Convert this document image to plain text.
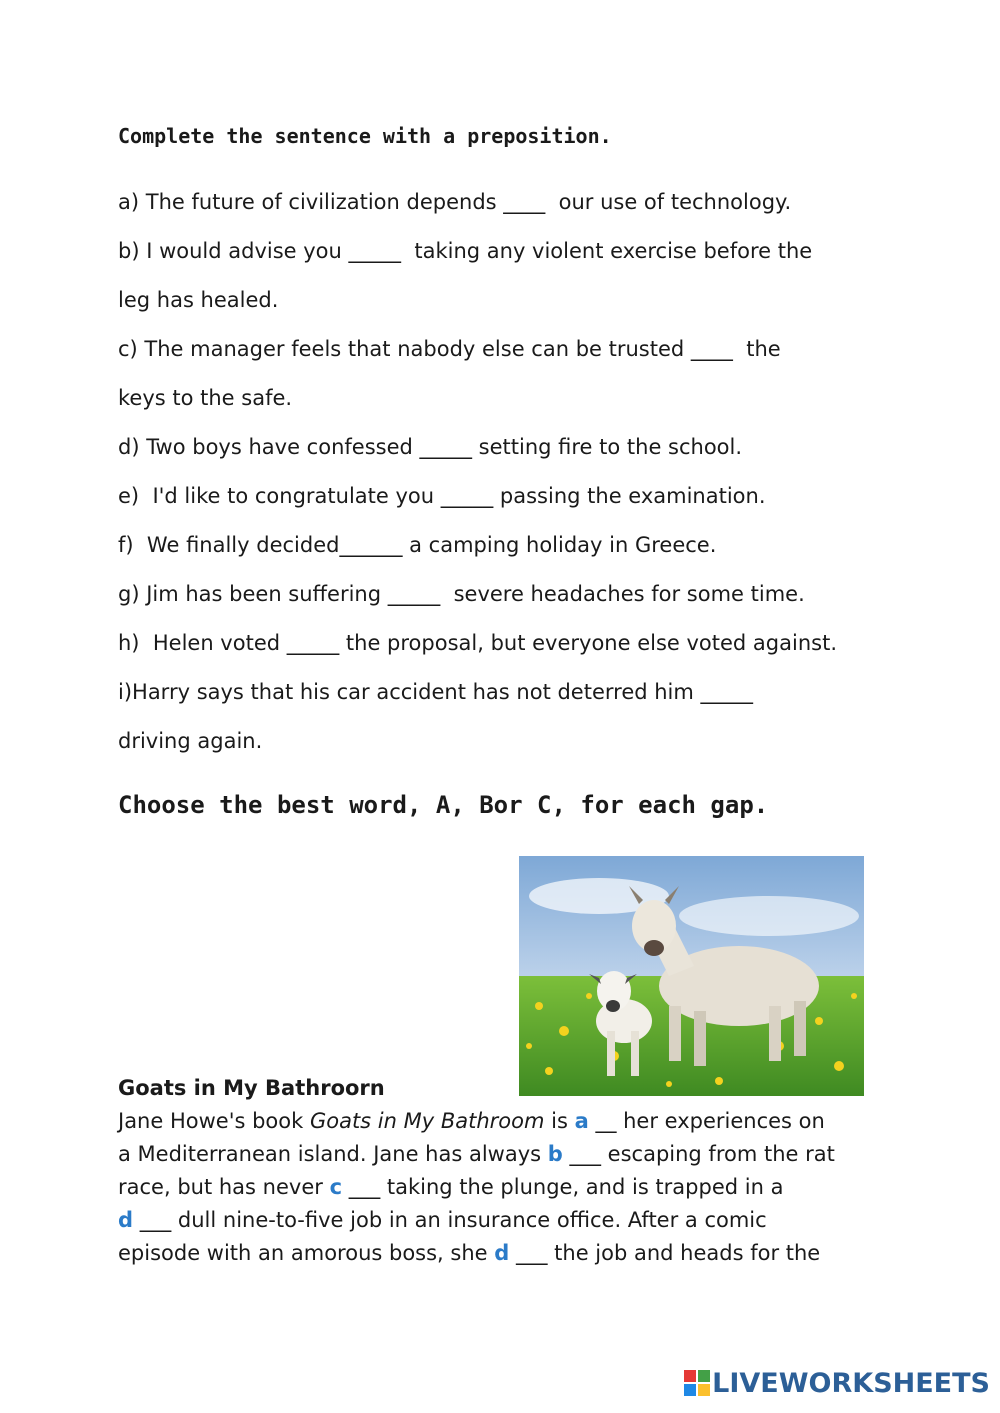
Complete the sentence with a preposition.
a) The future of civilization depends ____  our use of technology.
b) I would advise you _____  taking any violent exercise before the
leg has healed.
c) The manager feels that nabody else can be trusted ____  the
keys to the safe.
d) Two boys have confessed _____ setting fire to the school.
e)  I'd like to congratulate you _____ passing the examination.
f)  We finally decided______ a camping holiday in Greece.
g) Jim has been suffering _____  severe headaches for some time.
h)  Helen voted _____ the proposal, but everyone else voted against.
i)Harry says that his car accident has not deterred him _____
driving again.
Choose the best word, A, Bor C, for each gap.
Goats in My Bathroorn
Jane Howe's book Goats in My Bathroom is a __ her experiences on
a Mediterranean island. Jane has always b ___ escaping from the rat
race, but has never c ___ taking the plunge, and is trapped in a
d ___ dull nine-to-five job in an insurance office. After a comic
episode with an amorous boss, she d ___ the job and heads for the
LIVEWORKSHEETS
